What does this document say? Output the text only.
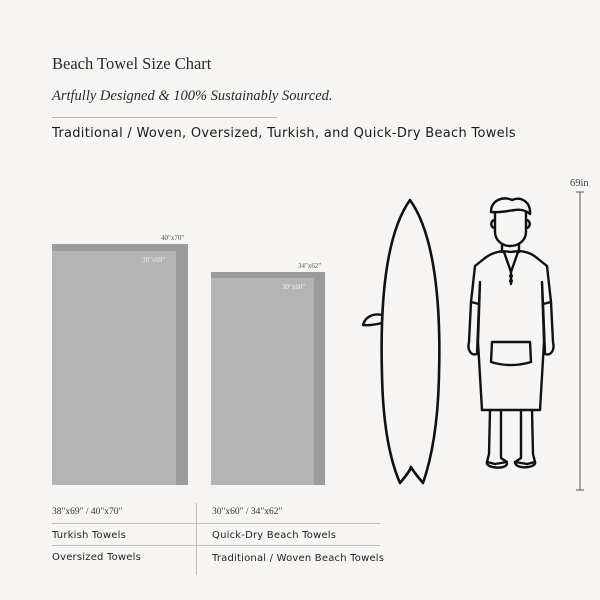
Beach Towel Size Chart
Artfully Designed & 100% Sustainably Sourced.
Traditional / Woven, Oversized, Turkish, and Quick-Dry Beach Towels
40"x70"
38"x69"
34"x62"
30"x60"
69in
38"x69" / 40"x70"	30"x60" / 34"x62"
Turkish Towels	Quick-Dry Beach Towels
Oversized Towels	Traditional / Woven Beach Towels
